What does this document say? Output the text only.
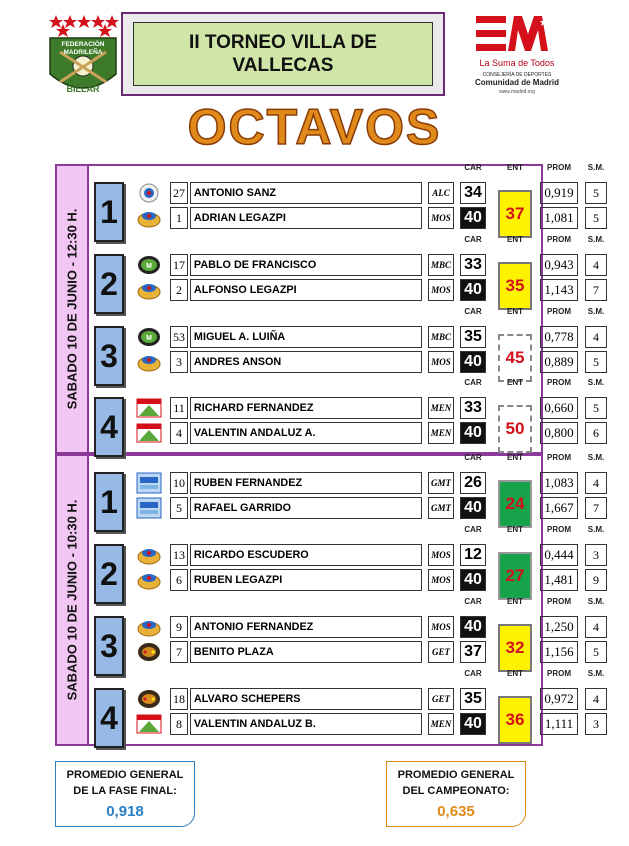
FEDERACIÓN
MADRILEÑA
BILLAR
II TORNEO VILLA DE
VALLECAS	La Suma de Todos
CONSEJERÍA DE DEPORTES
Comunidad de Madrid
www.madrid.org
OCTAVOS
SABADO 10 DE JUNIO - 12:30 H.
SABADO 10 DE JUNIO - 10:30 H.
1
27 ANTONIO SANZ	ALC 34	0,919	5
1	ADRIAN LEGAZPI	MOS 40	1,081	5
37
CAR	ENT	PROM	S.M.
2	M 17 PABLO DE FRANCISCO	MBC 33	0,943	4
2	ALFONSO LEGAZPI	MOS 40	1,143	7
35
CAR	ENT	PROM	S.M.
3	M 53 MIGUEL A. LUIÑA	MBC 35	0,778	4
3	ANDRES ANSON	MOS 40	0,889	5
45
CAR	ENT	PROM	S.M.
4
11 RICHARD FERNANDEZ	MEN 33	0,660	5
4	VALENTIN ANDALUZ A.	MEN 40	0,800	6
50
CAR	ENT	PROM	S.M.
1
10 RUBEN FERNANDEZ	GMT 26	1,083	4
5	RAFAEL GARRIDO	GMT 40	1,667	7
24
CAR	ENT	PROM	S.M.
2
13 RICARDO ESCUDERO	MOS 12	0,444	3
6	RUBEN LEGAZPI	MOS 40	1,481	9
27
CAR	ENT	PROM	S.M.
3
9	ANTONIO FERNANDEZ	MOS 40	1,250	4
7	BENITO PLAZA	GET 37	1,156	5
32
CAR	ENT	PROM	S.M.
4
18 ALVARO SCHEPERS	GET 35	0,972	4
8	VALENTIN ANDALUZ B.	MEN 40	1,111	3
36
CAR	ENT	PROM	S.M.
PROMEDIO GENERAL
DE LA FASE FINAL:
0,918
PROMEDIO GENERAL
DEL CAMPEONATO:
0,635
